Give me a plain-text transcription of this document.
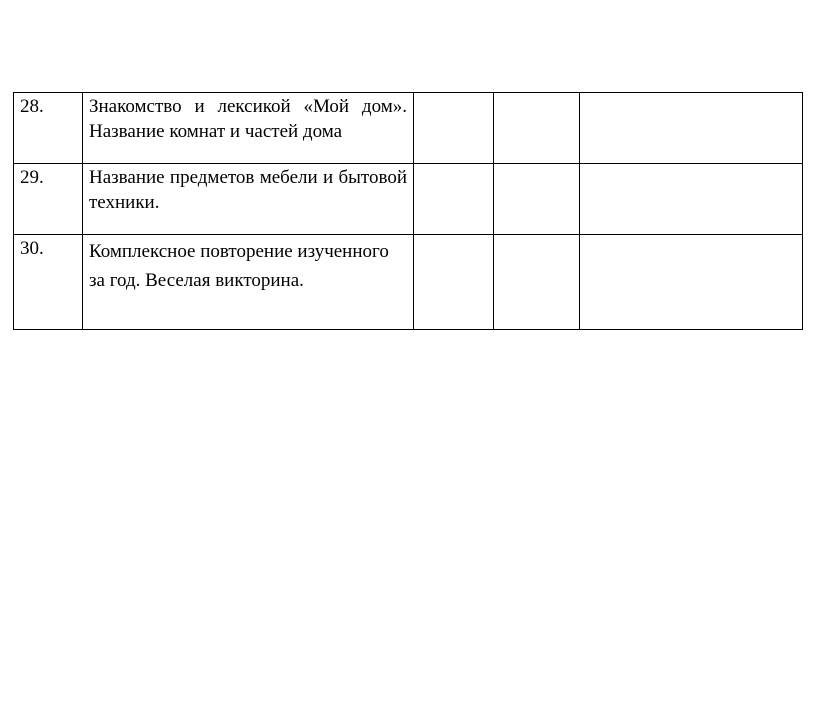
28.	Знакомство и лексикой «Мой дом». Название комнат и частей дома			

29.	Название предметов мебели и бытовой техники.			

30.	Комплексное повторение изученного за год. Веселая викторина.			
